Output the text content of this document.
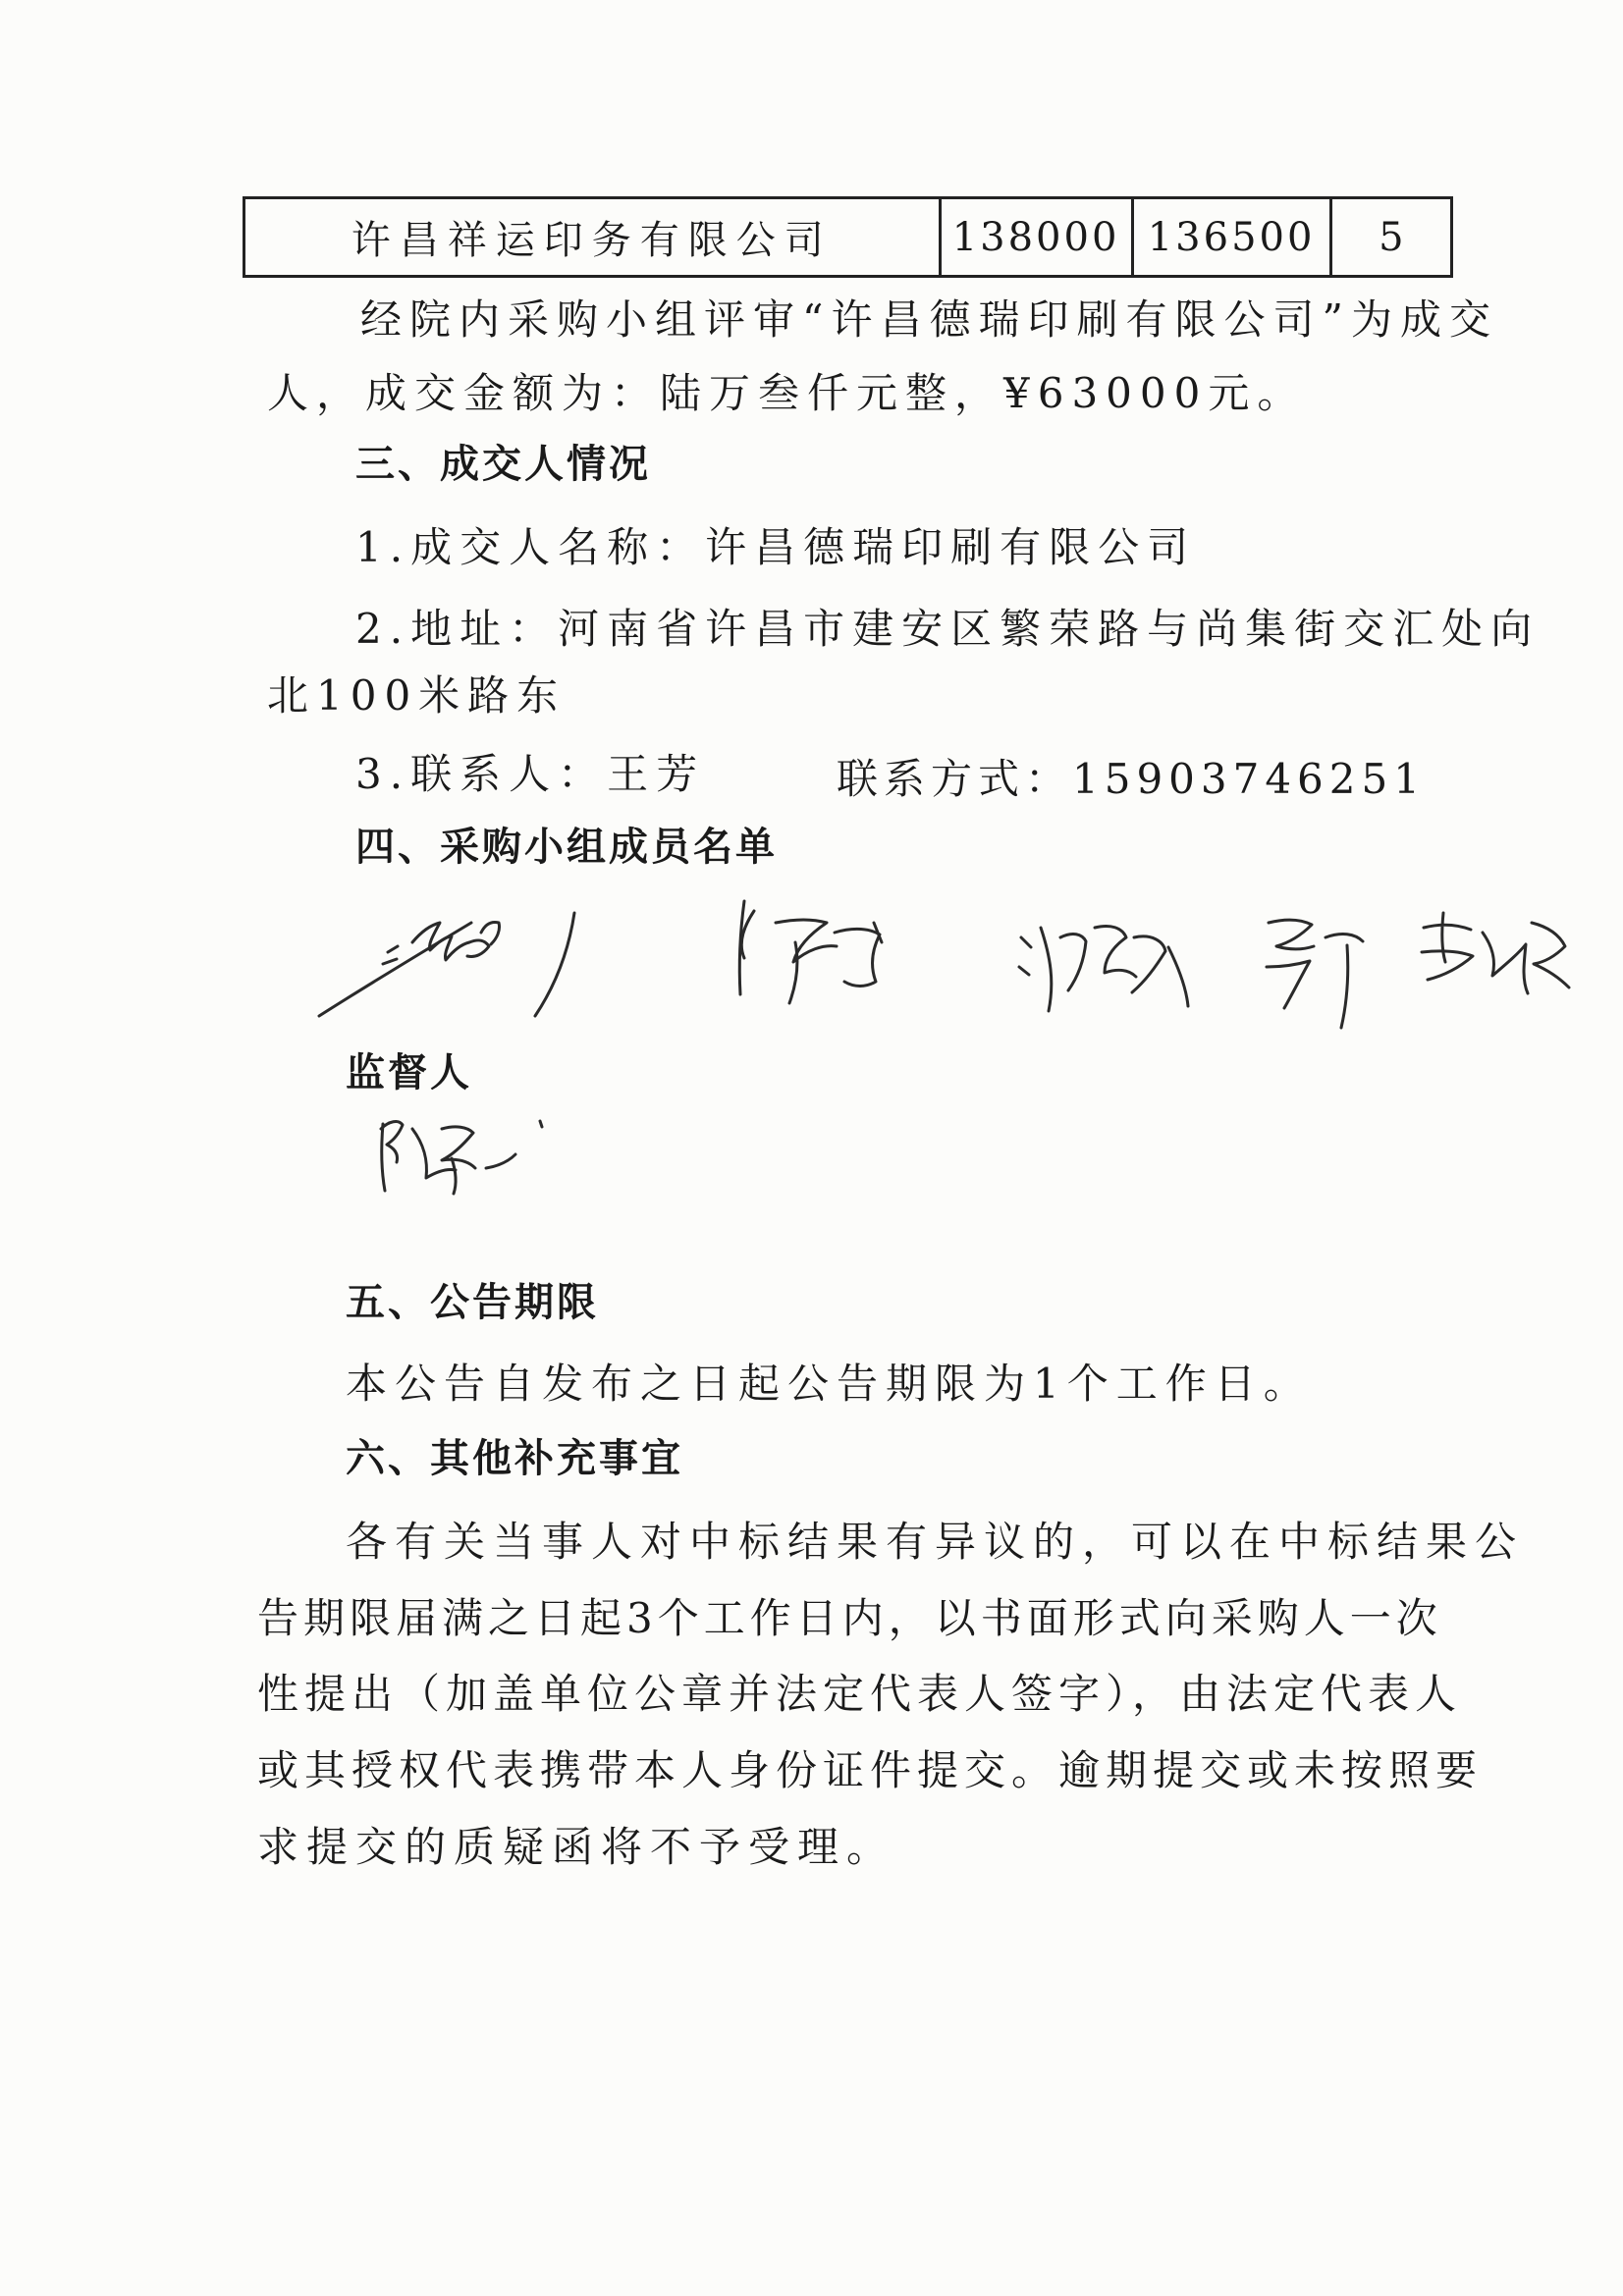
许昌祥运印务有限公司	138000 136500	5
经院内采购小组评审“许昌德瑞印刷有限公司”为成交
人，成交金额为：陆万叁仟元整，¥63000元。
三、成交人情况
1.成交人名称：许昌德瑞印刷有限公司
2.地址：河南省许昌市建安区繁荣路与尚集街交汇处向
北100米路东
3.联系人：王芳	联系方式：15903746251
四、采购小组成员名单
监督人
五、公告期限
本公告自发布之日起公告期限为1个工作日。
六、其他补充事宜
各有关当事人对中标结果有异议的，可以在中标结果公
告期限届满之日起3个工作日内，以书面形式向采购人一次
性提出（加盖单位公章并法定代表人签字），由法定代表人
或其授权代表携带本人身份证件提交。逾期提交或未按照要
求提交的质疑函将不予受理。
